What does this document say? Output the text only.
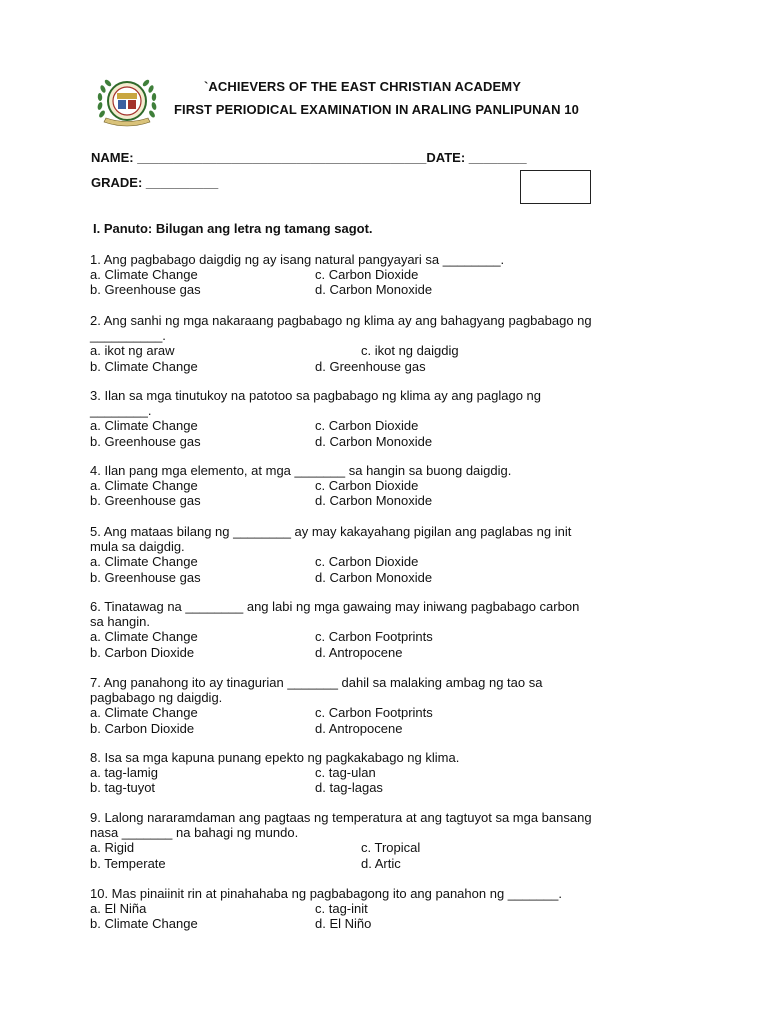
`ACHIEVERS OF THE EAST CHRISTIAN ACADEMY
FIRST PERIODICAL EXAMINATION IN ARALING PANLIPUNAN 10
NAME: ________________________________________DATE: ________
GRADE: __________
I. Panuto: Bilugan ang letra ng tamang sagot.
1. Ang pagbabago daigdig ng ay isang natural pangyayari sa ________.
a. Climate Change	c. Carbon Dioxide
b. Greenhouse gas	d. Carbon Monoxide
2. Ang sanhi ng mga nakaraang pagbabago ng klima ay ang bahagyang pagbabago ng
__________.
a. ikot ng araw	c. ikot ng daigdig
b. Climate Change	d. Greenhouse gas
3. Ilan sa mga tinutukoy na patotoo sa pagbabago ng klima ay ang paglago ng
________.
a. Climate Change	c. Carbon Dioxide
b. Greenhouse gas	d. Carbon Monoxide
4. Ilan pang mga elemento, at mga _______ sa hangin sa buong daigdig.
a. Climate Change	c. Carbon Dioxide
b. Greenhouse gas	d. Carbon Monoxide
5. Ang mataas bilang ng ________ ay may kakayahang pigilan ang paglabas ng init
mula sa daigdig.
a. Climate Change	c. Carbon Dioxide
b. Greenhouse gas	d. Carbon Monoxide
6. Tinatawag na ________ ang labi ng mga gawaing may iniwang pagbabago carbon
sa hangin.
a. Climate Change	c. Carbon Footprints
b. Carbon Dioxide	d. Antropocene
7. Ang panahong ito ay tinagurian _______ dahil sa malaking ambag ng tao sa
pagbabago ng daigdig.
a. Climate Change	c. Carbon Footprints
b. Carbon Dioxide	d. Antropocene
8. Isa sa mga kapuna punang epekto ng pagkakabago ng klima.
a. tag-lamig	c. tag-ulan
b. tag-tuyot	d. tag-lagas
9. Lalong nararamdaman ang pagtaas ng temperatura at ang tagtuyot sa mga bansang
nasa _______ na bahagi ng mundo.
a. Rigid	c. Tropical
b. Temperate	d. Artic
10. Mas pinaiinit rin at pinahahaba ng pagbabagong ito ang panahon ng _______.
a. El Niña	c. tag-init
b. Climate Change	d. El Niño
